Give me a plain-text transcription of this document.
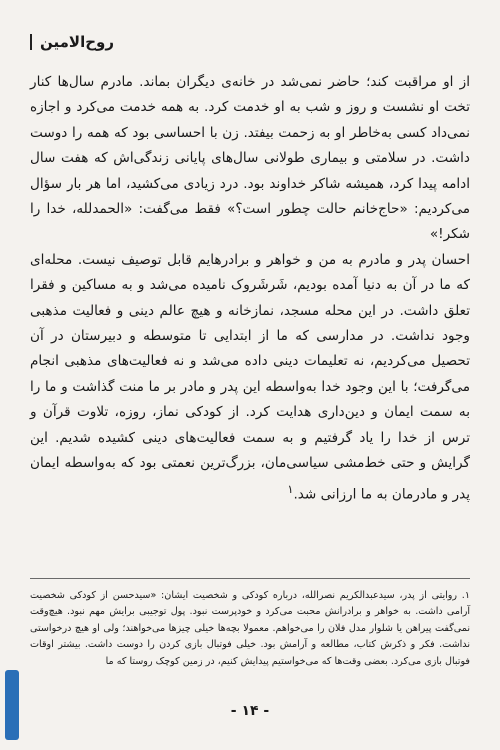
روح‌الامین

از او مراقبت کند؛ حاضر نمی‌شد در خانه‌ی دیگران بماند. مادرم سال‌ها کنار تخت او نشست و روز و شب به او خدمت کرد. به همه خدمت می‌کرد و اجازه نمی‌داد کسی به‌خاطر او به زحمت بیفتد. زن با احساسی بود که همه را دوست داشت. در سلامتی و بیماری طولانی سال‌های پایانی زندگی‌اش که هفت سال ادامه پیدا کرد، همیشه شاکر خداوند بود. درد زیادی می‌کشید، اما هر بار سؤال می‌کردیم: «حاج‌خانم حالت چطور است؟» فقط می‌گفت: «الحمدلله، خدا را شکر!»

احسان پدر و مادرم به من و خواهر و برادرهایم قابل توصیف نیست. محله‌ای که ما در آن به دنیا آمده بودیم، شَرشَروک نامیده می‌شد و به مساکین و فقرا تعلق داشت. در این محله مسجد، نمازخانه و هیچ عالم دینی و فعالیت مذهبی وجود نداشت. در مدارسی که ما از ابتدایی تا متوسطه و دبیرستان در آن تحصیل می‌کردیم، نه تعلیمات دینی داده می‌شد و نه فعالیت‌های مذهبی انجام می‌گرفت؛ با این وجود خدا به‌واسطه این پدر و مادر بر ما منت گذاشت و ما را به سمت ایمان و دین‌داری هدایت کرد. از کودکی نماز، روزه، تلاوت قرآن و ترس از خدا را یاد گرفتیم و به سمت فعالیت‌های دینی کشیده شدیم. این گرایش و حتی خط‌مشی سیاسی‌مان، بزرگ‌ترین نعمتی بود که به‌واسطه ایمان پدر و مادرمان به ما ارزانی شد.$^۱$

۱. روایتی از پدر، سیدعبدالکریم نصرالله، درباره کودکی و شخصیت ایشان: «سیدحسن از کودکی شخصیت آرامی داشت. به خواهر و برادرانش محبت می‌کرد و خودپرست نبود. پول توجیبی برایش مهم نبود. هیچ‌وقت نمی‌گفت پیراهن یا شلوار مدل فلان را می‌خواهم. معمولا بچه‌ها خیلی چیزها می‌خواهند؛ ولی او هیچ درخواستی نداشت. فکر و ذکرش کتاب، مطالعه و آرامش بود. خیلی فوتبال بازی کردن را دوست داشت. بیشتر اوقات فوتبال بازی می‌کرد. بعضی وقت‌ها که می‌خواستیم پیدایش کنیم، در زمین کوچک روستا که ما
- ۱۴ -
